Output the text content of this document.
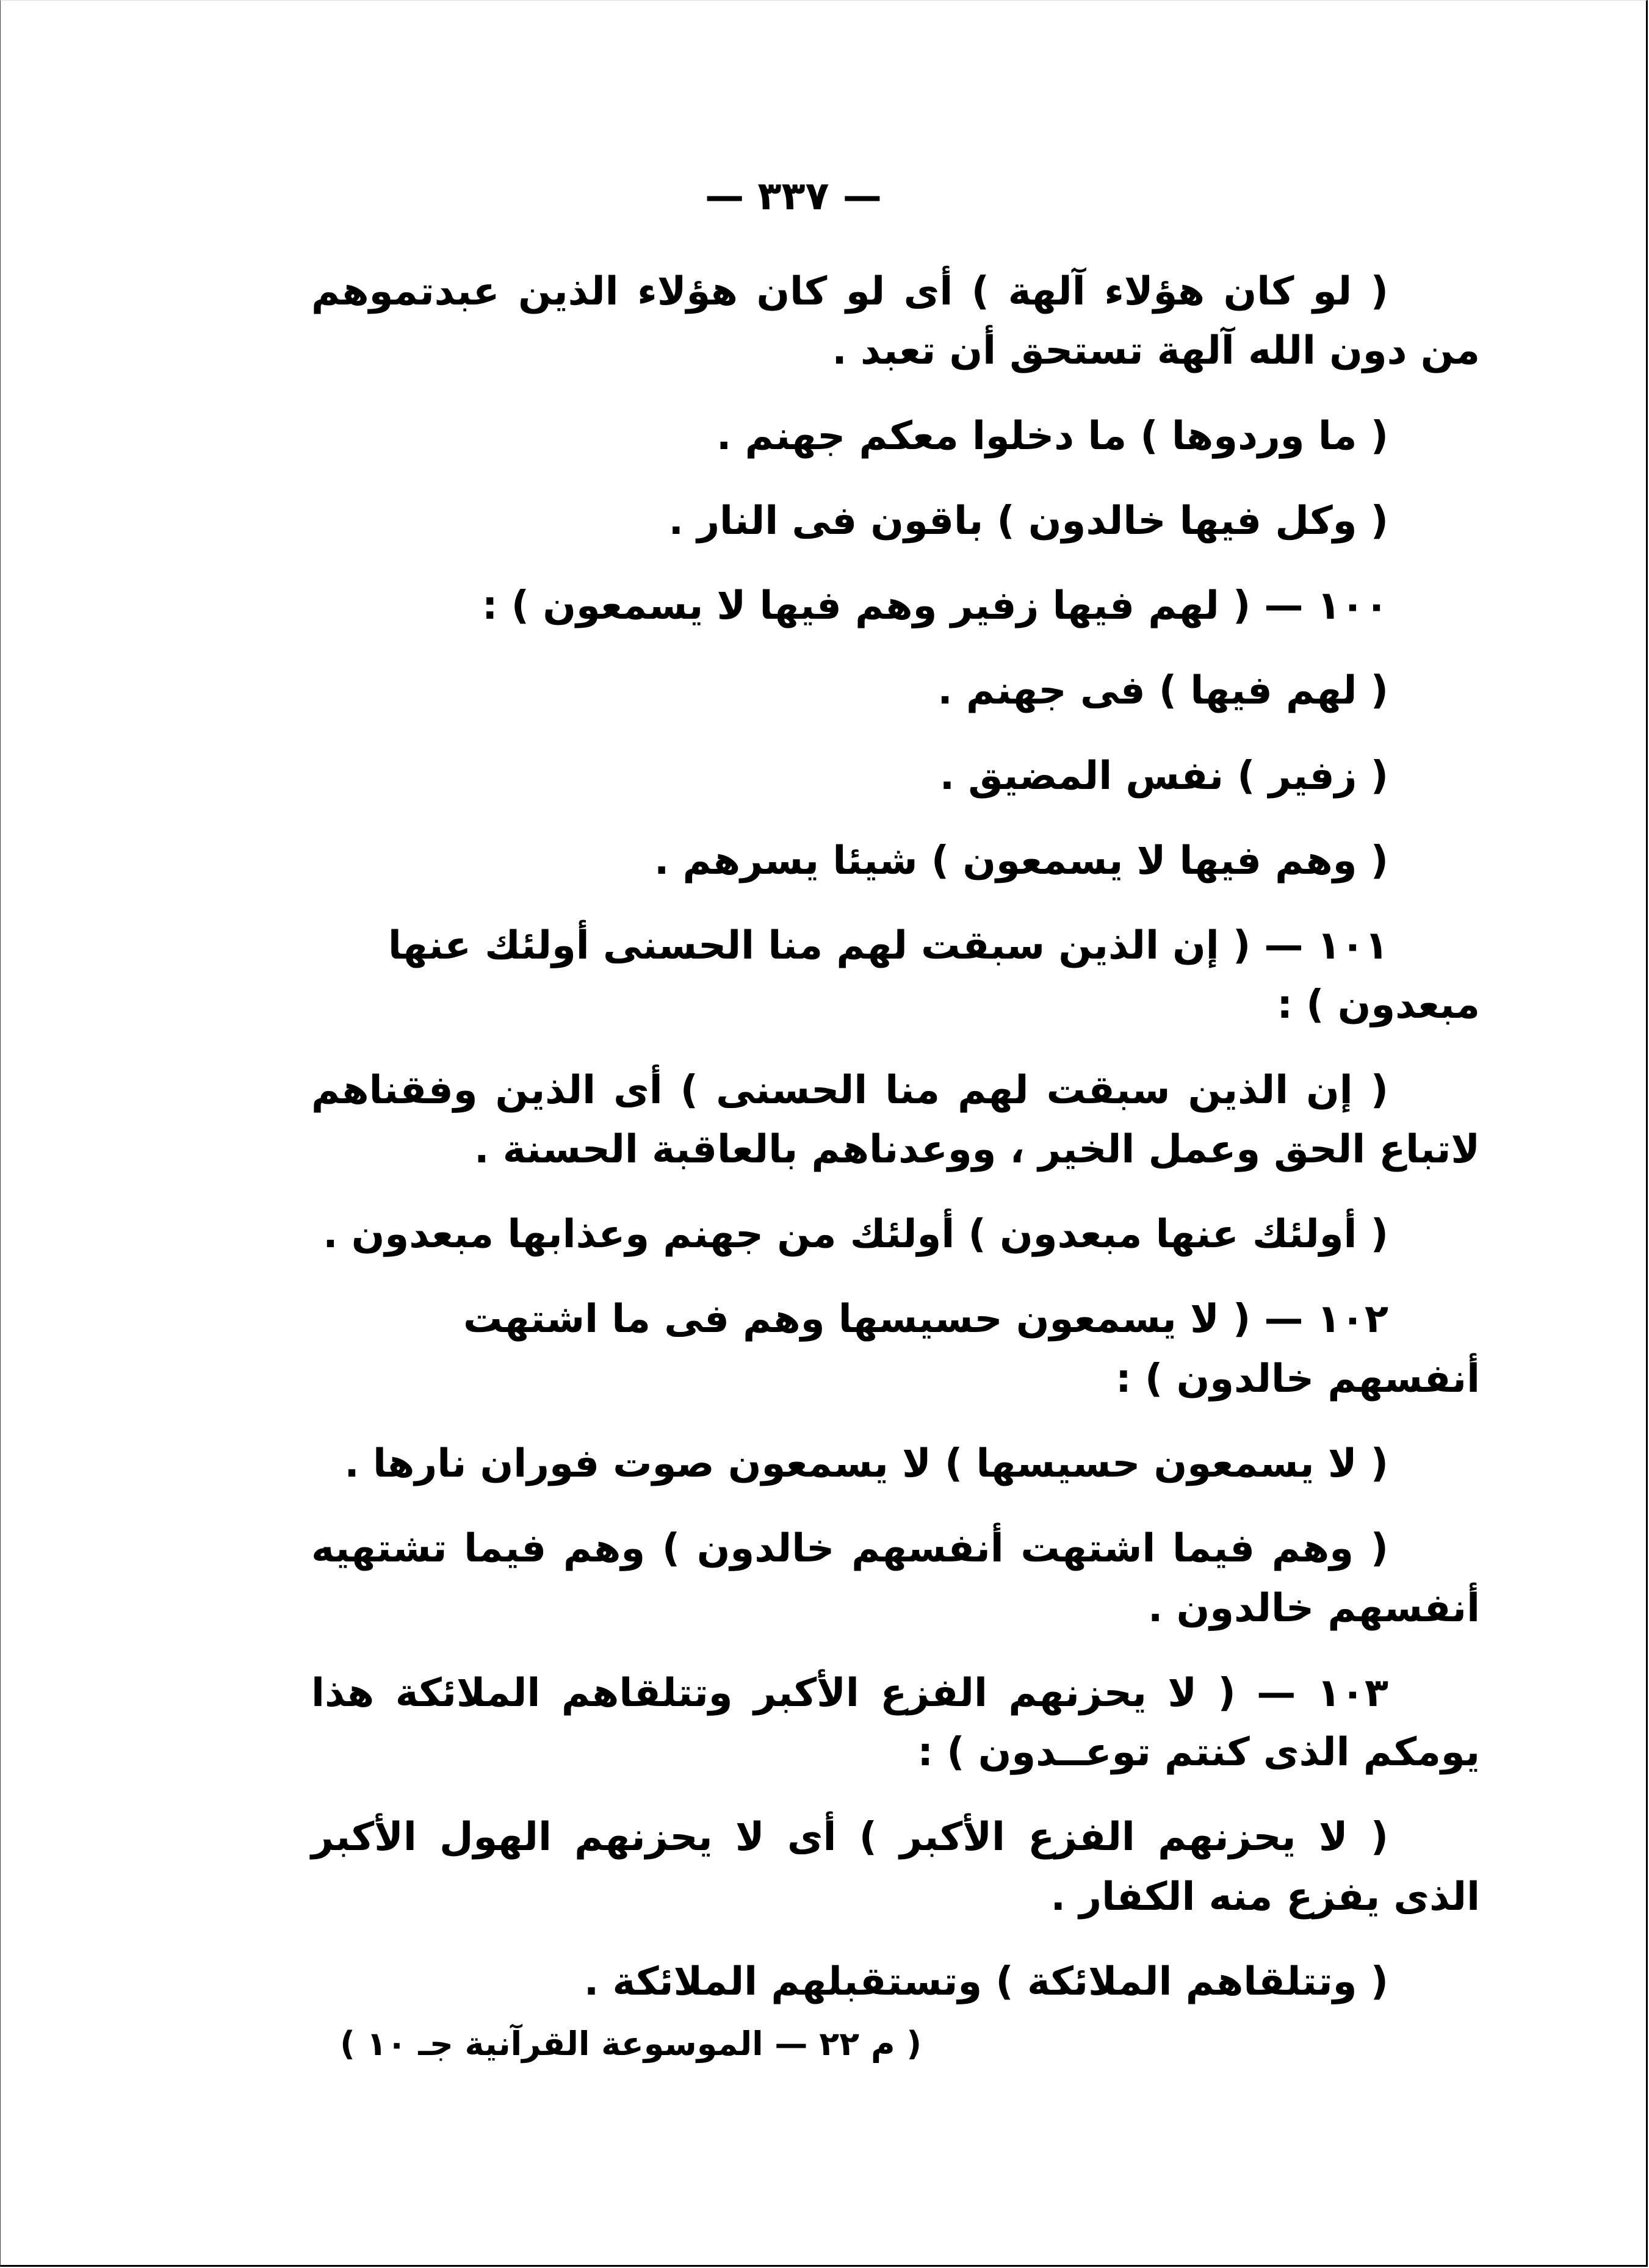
— ٣٣٧ —

( لو كان هؤلاء آلهة ) أى لو كان هؤلاء الذين عبدتموهم من دون الله آلهة تستحق أن تعبد .

( ما وردوها ) ما دخلوا معكم جهنم .

( وكل فيها خالدون ) باقون فى النار .

١٠٠ — ( لهم فيها زفير وهم فيها لا يسمعون ) :

( لهم فيها ) فى جهنم .

( زفير ) نفس المضيق .

( وهم فيها لا يسمعون ) شيئا يسرهم .

١٠١ — ( إن الذين سبقت لهم منا الحسنى أولئك عنها مبعدون ) :

( إن الذين سبقت لهم منا الحسنى ) أى الذين وفقناهم لاتباع الحق وعمل الخير ، ووعدناهم بالعاقبة الحسنة .

( أولئك عنها مبعدون ) أولئك من جهنم وعذابها مبعدون .

١٠٢ — ( لا يسمعون حسيسها وهم فى ما اشتهت أنفسهم خالدون ) :

( لا يسمعون حسيسها ) لا يسمعون صوت فوران نارها .

( وهم فيما اشتهت أنفسهم خالدون ) وهم فيما تشتهيه أنفسهم خالدون .

١٠٣ — ( لا يحزنهم الفزع الأكبر وتتلقاهم الملائكة هذا يومكم الذى كنتم توعــدون ) :

( لا يحزنهم الفزع الأكبر ) أى لا يحزنهم الهول الأكبر الذى يفزع منه الكفار .

( وتتلقاهم الملائكة ) وتستقبلهم الملائكة .

( م ٢٢ — الموسوعة القرآنية جـ ١٠ )
